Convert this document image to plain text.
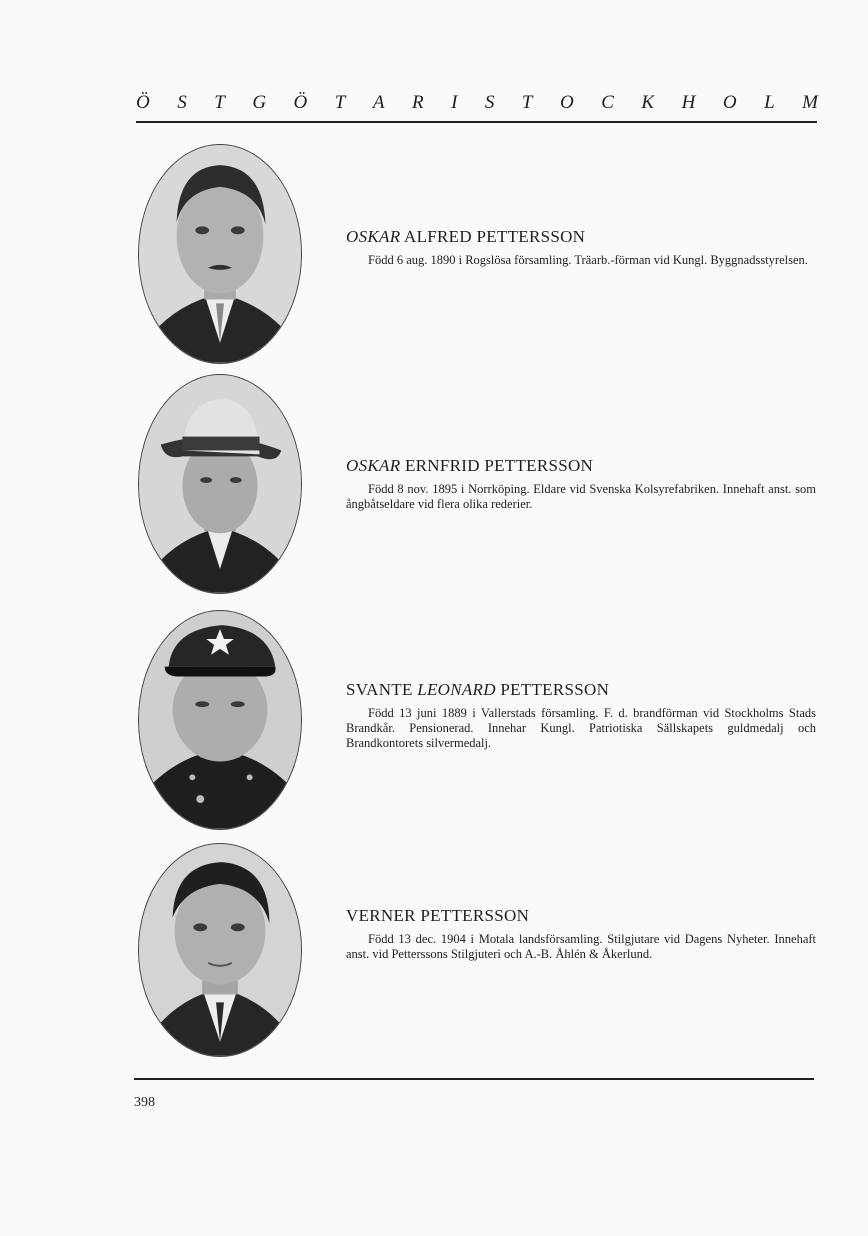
Ö S T G Ö T A R I S T O C K H O L M

OSKAR ALFRED PETTERSSON

Född 6 aug. 1890 i Rogslösa församling. Träarb.-förman vid Kungl. Byggnadsstyrelsen.

OSKAR ERNFRID PETTERSSON

Född 8 nov. 1895 i Norrköping. Eldare vid Svenska Kolsyrefabriken. Innehaft anst. som ångbåtseldare vid flera olika rederier.

SVANTE LEONARD PETTERSSON

Född 13 juni 1889 i Vallerstads församling. F. d. brandförman vid Stockholms Stads Brandkår. Pensionerad. Innehar Kungl. Patriotiska Sällskapets guldmedalj och Brandkontorets silvermedalj.

VERNER PETTERSSON

Född 13 dec. 1904 i Motala landsförsamling. Stilgjutare vid Dagens Nyheter. Innehaft anst. vid Petterssons Stilgjuteri och A.-B. Åhlén & Åkerlund.

398
